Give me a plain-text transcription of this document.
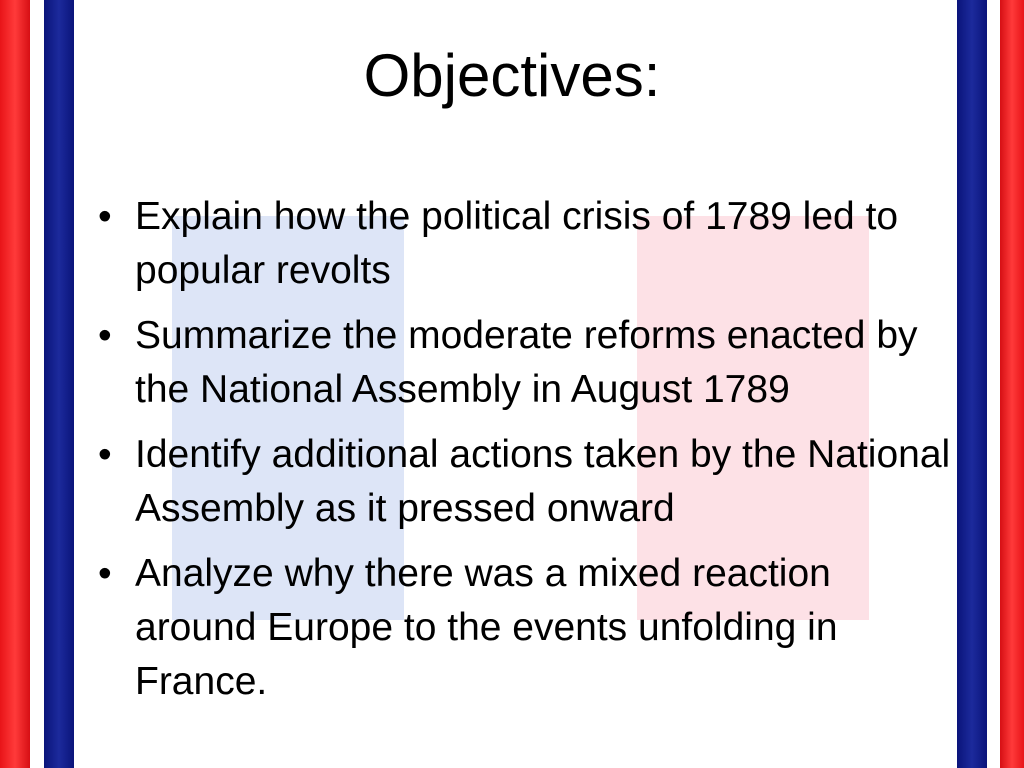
Objectives:
• Explain how the political crisis of 1789 led to popular revolts
• Summarize the moderate reforms enacted by the National Assembly in August 1789
• Identify additional actions taken by the National Assembly as it pressed onward
• Analyze why there was a mixed reaction around Europe to the events unfolding in France.
